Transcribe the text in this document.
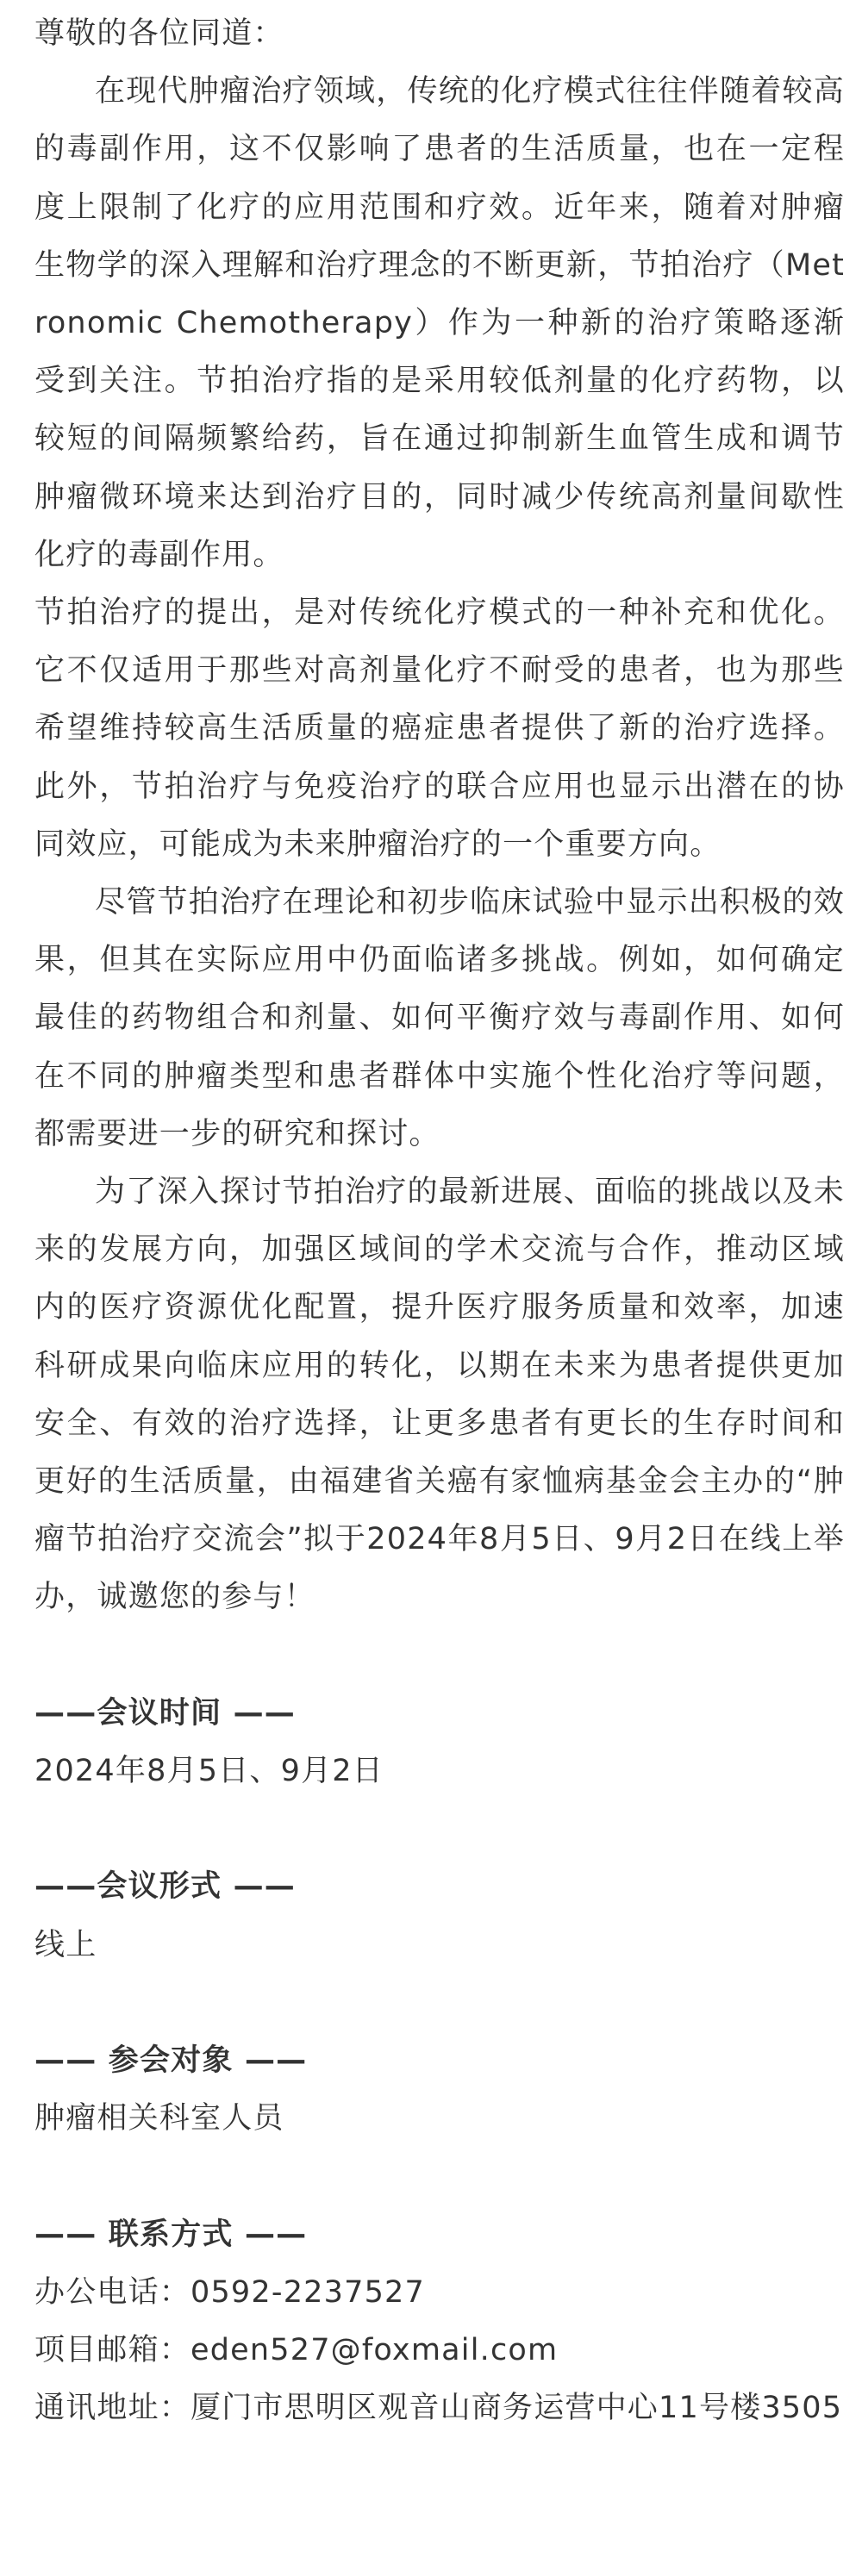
尊敬的各位同道：

在现代肿瘤治疗领域，传统的化疗模式往往伴随着较高的毒副作用，这不仅影响了患者的生活质量，也在一定程度上限制了化疗的应用范围和疗效。近年来，随着对肿瘤生物学的深入理解和治疗理念的不断更新，节拍治疗（Metronomic Chemotherapy）作为一种新的治疗策略逐渐受到关注。节拍治疗指的是采用较低剂量的化疗药物，以较短的间隔频繁给药，旨在通过抑制新生血管生成和调节肿瘤微环境来达到治疗目的，同时减少传统高剂量间歇性化疗的毒副作用。

节拍治疗的提出，是对传统化疗模式的一种补充和优化。它不仅适用于那些对高剂量化疗不耐受的患者，也为那些希望维持较高生活质量的癌症患者提供了新的治疗选择。此外，节拍治疗与免疫治疗的联合应用也显示出潜在的协同效应，可能成为未来肿瘤治疗的一个重要方向。

尽管节拍治疗在理论和初步临床试验中显示出积极的效果，但其在实际应用中仍面临诸多挑战。例如，如何确定最佳的药物组合和剂量、如何平衡疗效与毒副作用、如何在不同的肿瘤类型和患者群体中实施个性化治疗等问题，都需要进一步的研究和探讨。

为了深入探讨节拍治疗的最新进展、面临的挑战以及未来的发展方向，加强区域间的学术交流与合作，推动区域内的医疗资源优化配置，提升医疗服务质量和效率，加速科研成果向临床应用的转化，以期在未来为患者提供更加安全、有效的治疗选择，让更多患者有更长的生存时间和更好的生活质量，由福建省关癌有家恤病基金会主办的“肿瘤节拍治疗交流会”拟于2024年8月5日、9月2日在线上举办，诚邀您的参与！

——会议时间 ——
2024年8月5日、9月2日
——会议形式 ——
线上
—— 参会对象 ——
肿瘤相关科室人员
—— 联系方式 ——
办公电话：0592-2237527
项目邮箱：eden527@foxmail.com

通讯地址：厦门市思明区观音山商务运营中心11号楼3505
